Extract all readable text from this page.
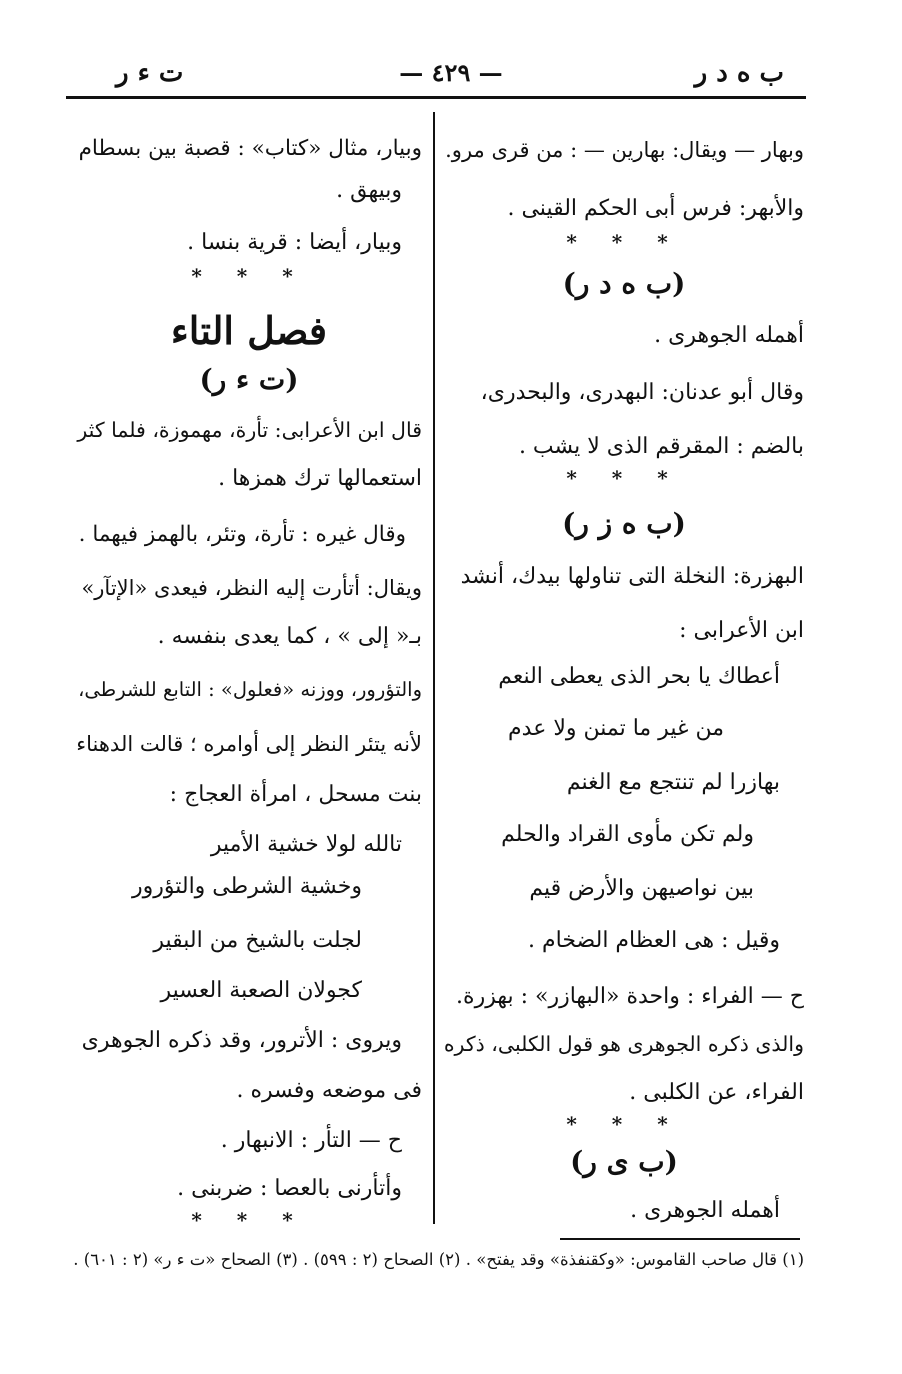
ب ه د ر
— ٤٢٩ —
ت ء ر
وبهار — ويقال: بهارين — : من قرى مرو.
والأبهر: فرس أبى الحكم القينى .
* * *
(ب ه د ر)
أهمله الجوهرى .
وقال أبو عدنان: البهدرى، والبحدرى،
بالضم : المقرقم الذى لا يشب .
* * *
(ب ه ز ر)
البهزرة: النخلة التى تناولها بيدك، أنشد
ابن الأعرابى :
أعطاك يا بحر الذى يعطى النعم
من غير ما تمنن ولا عدم
بهازرا لم تنتجع مع الغنم
ولم تكن مأوى القراد والحلم
بين نواصيهن والأرض قيم
وقيل : هى العظام الضخام .
ح — الفراء : واحدة «البهازر» : بهزرة.
والذى ذكره الجوهرى هو قول الكلبى، ذكره
الفراء، عن الكلبى .
* * *
(ب ى ر)
أهمله الجوهرى .
وبيار، مثال «كتاب» : قصبة بين بسطام
وبيهق .
وبيار، أيضا : قرية بنسا .
* * *
فصل التاء
(ت ء ر)
قال ابن الأعرابى: تأرة، مهموزة، فلما كثر
استعمالها ترك همزها .
وقال غيره : تأرة، وتئر، بالهمز فيهما .
ويقال: أتأرت إليه النظر، فيعدى «الإتآر»
بـ« إلى » ، كما يعدى بنفسه .
والتؤرور، ووزنه «فعلول» : التابع للشرطى،
لأنه يتئر النظر إلى أوامره ؛ قالت الدهناء
بنت مسحل ، امرأة العجاج :
تالله لولا خشية الأمير
وخشية الشرطى والتؤرور
لجلت بالشيخ من البقير
كجولان الصعبة العسير
ويروى : الأترور، وقد ذكره الجوهرى
فى موضعه وفسره .
ح — التأر : الانبهار .
وأتأرنى بالعصا : ضربنى .
* * *
(١) قال صاحب القاموس: «وكقنفذة» وقد يفتح» . (٢) الصحاح (٢ : ٥٩٩) . (٣) الصحاح «ت ء ر» (٢ : ٦٠١) .
